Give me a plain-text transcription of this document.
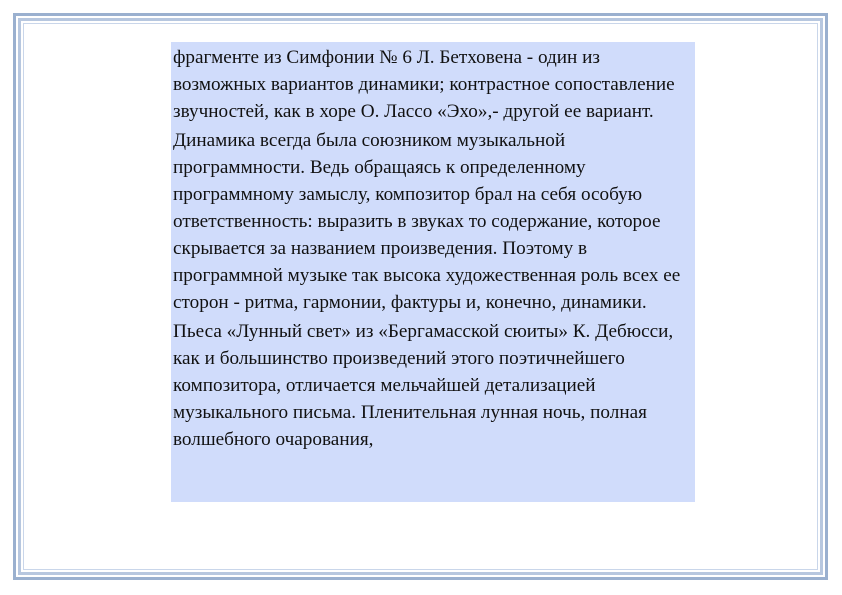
фрагменте из Симфонии № 6 Л. Бетховена - один из возможных вариантов динамики; контрастное сопоставление звучностей, как в хоре О. Лассо «Эхо»,- другой ее вариант.

Динамика всегда была союзником музыкальной программности. Ведь обращаясь к определенному программному замыслу, композитор брал на себя особую ответственность: выразить в звуках то содержание, которое скрывается за названием произведения. Поэтому в программной музыке так высока художественная роль всех ее сторон - ритма, гармонии, фактуры и, конечно, динамики.

Пьеса «Лунный свет» из «Бергамасской сюиты» К. Дебюсси, как и большинство произведений этого поэтичнейшего композитора, отличается мельчайшей детализацией музыкального письма. Пленительная лунная ночь, полная волшебного очарования,
